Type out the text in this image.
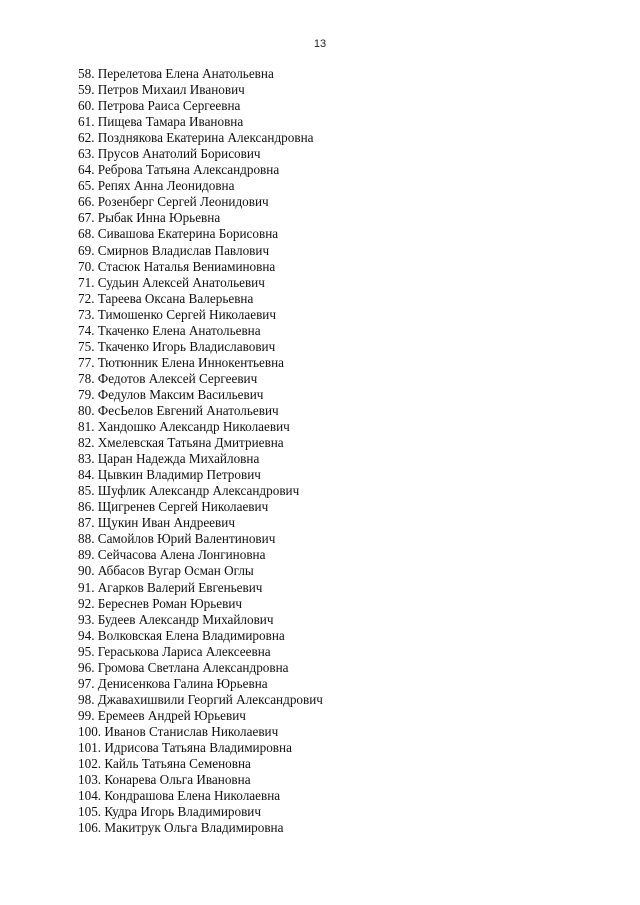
13
58. Перелетова Елена Анатольевна
59. Петров Михаил Иванович
60. Петрова Раиса Сергеевна
61. Пищева Тамара Ивановна
62. Позднякова Екатерина Александровна
63. Прусов Анатолий Борисович
64. Реброва Татьяна Александровна
65. Репях Анна Леонидовна
66. Розенберг Сергей Леонидович
67. Рыбак Инна Юрьевна
68. Сивашова Екатерина Борисовна
69. Смирнов Владислав Павлович
70. Стасюк Наталья Вениаминовна
71. Судьин Алексей Анатольевич
72. Тареева Оксана Валерьевна
73. Тимошенко Сергей Николаевич
74. Ткаченко Елена Анатольевна
75. Ткаченко Игорь Владиславович
77. Тютюнник Елена Иннокентьевна
78. Федотов Алексей Сергеевич
79. Федулов Максим Васильевич
80. ФесЬелов Евгений Анатольевич
81. Хандошко Александр Николаевич
82. Хмелевская Татьяна Дмитриевна
83. Царан Надежда Михайловна
84. Цывкин Владимир Петрович
85. Шуфлик Александр Александрович
86. Щигренев Сергей Николаевич
87. Щукин Иван Андреевич
88. Самойлов Юрий Валентинович
89. Сейчасова Алена Лонгиновна
90. Аббасов Вугар Осман Оглы
91. Агарков Валерий Евгеньевич
92. Береснев Роман Юрьевич
93. Будеев Александр Михайлович
94. Волковская Елена Владимировна
95. Гераськова Лариса Алексеевна
96. Громова Светлана Александровна
97. Денисенкова Галина Юрьевна
98. Джавахишвили Георгий Александрович
99. Еремеев Андрей Юрьевич
100. Иванов Станислав Николаевич
101. Идрисова Татьяна Владимировна
102. Кайль Татьяна Семеновна
103. Конарева Ольга Ивановна
104. Кондрашова Елена Николаевна
105. Кудра Игорь Владимирович
106. Макитрук Ольга Владимировна
